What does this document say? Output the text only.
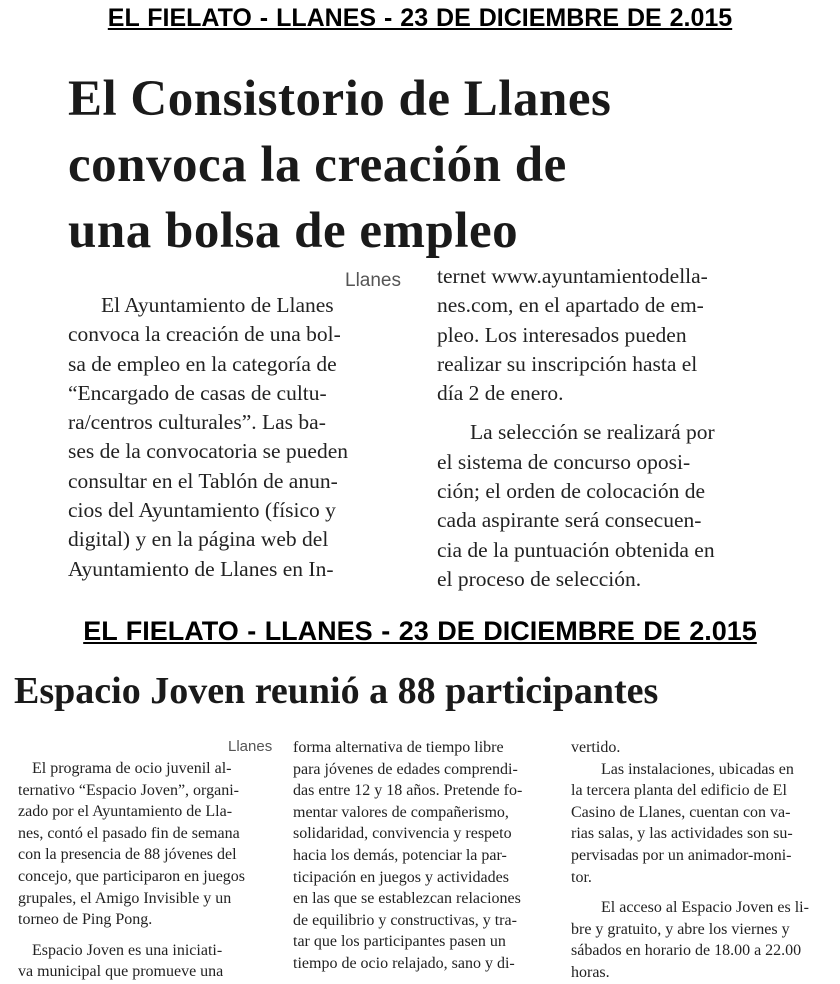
EL FIELATO - LLANES - 23 DE DICIEMBRE DE 2.015
El Consistorio de Llanes
convoca la creación de
una bolsa de empleo
Llanes
El Ayuntamiento de Llanes
convoca la creación de una bol-
sa de empleo en la categoría de
“Encargado de casas de cultu-
ra/centros culturales”. Las ba-
ses de la convocatoria se pueden
consultar en el Tablón de anun-
cios del Ayuntamiento (físico y
digital) y en la página web del
Ayuntamiento de Llanes en In-
ternet www.ayuntamientodella-
nes.com, en el apartado de em-
pleo. Los interesados pueden
realizar su inscripción hasta el
día 2 de enero.
La selección se realizará por
el sistema de concurso oposi-
ción; el orden de colocación de
cada aspirante será consecuen-
cia de la puntuación obtenida en
el proceso de selección.
EL FIELATO - LLANES - 23 DE DICIEMBRE DE 2.015
Espacio Joven reunió a 88 participantes
Llanes
El programa de ocio juvenil al-
ternativo “Espacio Joven”, organi-
zado por el Ayuntamiento de Lla-
nes, contó el pasado fin de semana
con la presencia de 88 jóvenes del
concejo, que participaron en juegos
grupales, el Amigo Invisible y un
torneo de Ping Pong.
Espacio Joven es una iniciati-
va municipal que promueve una
forma alternativa de tiempo libre
para jóvenes de edades comprendi-
das entre 12 y 18 años. Pretende fo-
mentar valores de compañerismo,
solidaridad, convivencia y respeto
hacia los demás, potenciar la par-
ticipación en juegos y actividades
en las que se establezcan relaciones
de equilibrio y constructivas, y tra-
tar que los participantes pasen un
tiempo de ocio relajado, sano y di-
vertido.
Las instalaciones, ubicadas en
la tercera planta del edificio de El
Casino de Llanes, cuentan con va-
rias salas, y las actividades son su-
pervisadas por un animador-moni-
tor.
El acceso al Espacio Joven es li-
bre y gratuito, y abre los viernes y
sábados en horario de 18.00 a 22.00
horas.
